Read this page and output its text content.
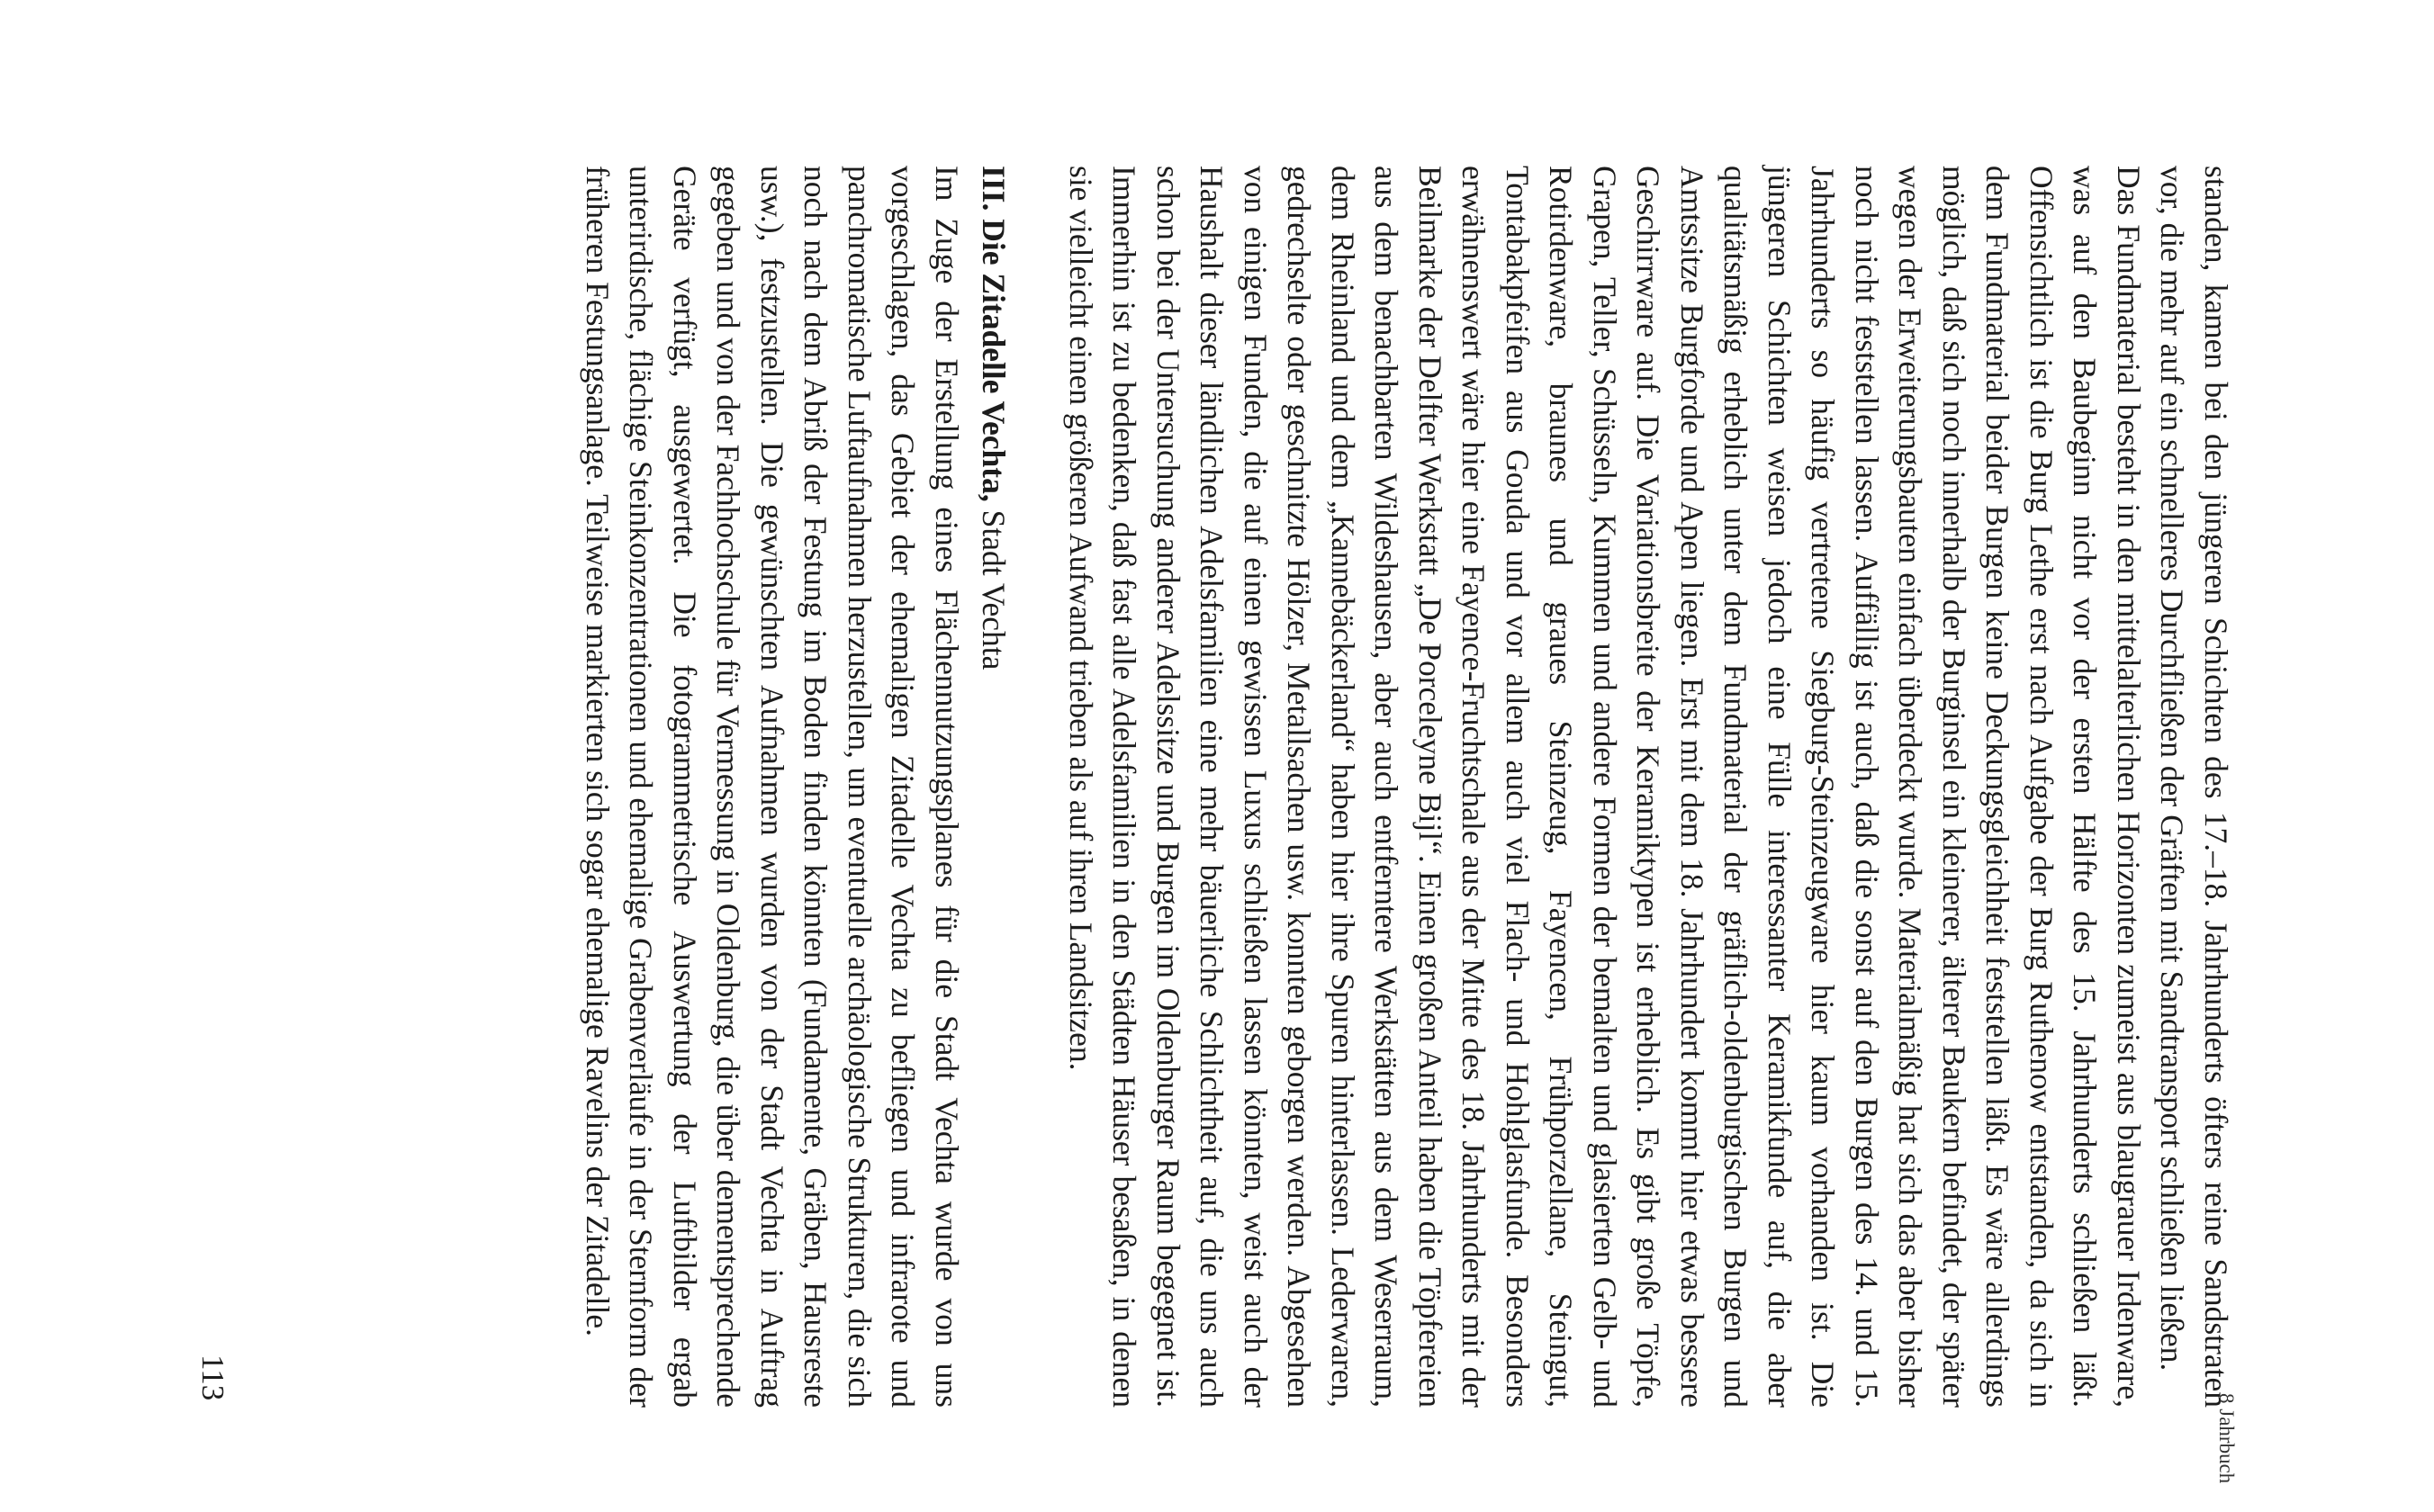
standen, kamen bei den jüngeren Schichten des 17.–18. Jahrhunderts öfters reine Sandstraten vor, die mehr auf ein schnelleres Durchfließen der Gräften mit Sandtransport schließen ließen.

Das Fundmaterial besteht in den mittelalterlichen Horizonten zumeist aus blaugrauer Irdenware, was auf den Baubeginn nicht vor der ersten Hälfte des 15. Jahrhunderts schließen läßt. Offensichtlich ist die Burg Lethe erst nach Aufgabe der Burg Ruthenow entstanden, da sich in dem Fundmaterial beider Burgen keine Deckungsgleichheit feststellen läßt. Es wäre allerdings möglich, daß sich noch innerhalb der Burginsel ein kleinerer, älterer Baukern befindet, der später wegen der Erweiterungsbauten einfach überdeckt wurde. Materialmäßig hat sich das aber bisher noch nicht feststellen lassen. Auffällig ist auch, daß die sonst auf den Burgen des 14. und 15. Jahrhunderts so häufig vertretene Siegburg-Steinzeugware hier kaum vorhanden ist. Die jüngeren Schichten weisen jedoch eine Fülle interessanter Keramikfunde auf, die aber qualitätsmäßig erheblich unter dem Fundmaterial der gräflich-oldenburgischen Burgen und Amtssitze Burgforde und Apen liegen. Erst mit dem 18. Jahrhundert kommt hier etwas bessere Geschirrware auf. Die Variationsbreite der Keramiktypen ist erheblich. Es gibt große Töpfe, Grapen, Teller, Schüsseln, Kummen und andere Formen der bemalten und glasierten Gelb- und Rotirdenware, braunes und graues Steinzeug, Fayencen, Frühporzellane, Steingut, Tontabakpfeifen aus Gouda und vor allem auch viel Flach- und Hohlglasfunde. Besonders erwähnenswert wäre hier eine Fayence-Fruchtschale aus der Mitte des 18. Jahrhunderts mit der Beilmarke der Delfter Werkstatt „De Porceleyne Bijl“. Einen großen Anteil haben die Töpfereien aus dem benachbarten Wildeshausen, aber auch entferntere Werkstätten aus dem Weserraum, dem Rheinland und dem „Kannebäckerland“ haben hier ihre Spuren hinterlassen. Lederwaren, gedrechselte oder geschnitzte Hölzer, Metallsachen usw. konnten geborgen werden. Abgesehen von einigen Funden, die auf einen gewissen Luxus schließen lassen könnten, weist auch der Haushalt dieser ländlichen Adelsfamilien eine mehr bäuerliche Schlichtheit auf, die uns auch schon bei der Untersuchung anderer Adelssitze und Burgen im Oldenburger Raum begegnet ist. Immerhin ist zu bedenken, daß fast alle Adelsfamilien in den Städten Häuser besaßen, in denen sie vielleicht einen größeren Aufwand trieben als auf ihren Landsitzen.

III. Die Zitadelle Vechta, Stadt Vechta

Im Zuge der Erstellung eines Flächennutzungsplanes für die Stadt Vechta wurde von uns vorgeschlagen, das Gebiet der ehemaligen Zitadelle Vechta zu befliegen und infrarote und panchromatische Luftaufnahmen herzustellen, um eventuelle archäologische Strukturen, die sich noch nach dem Abriß der Festung im Boden finden könnten (Fundamente, Gräben, Hausreste usw.), festzustellen. Die gewünschten Aufnahmen wurden von der Stadt Vechta in Auftrag gegeben und von der Fachhochschule für Vermessung in Oldenburg, die über dementsprechende Geräte verfügt, ausgewertet. Die fotogrammetrische Auswertung der Luftbilder ergab unterirdische, flächige Steinkonzentrationen und ehemalige Grabenverläufe in der Sternform der früheren Festungsanlage. Teilweise markierten sich sogar ehemalige Ravelins der Zitadelle.

113
8 Jahrbuch
